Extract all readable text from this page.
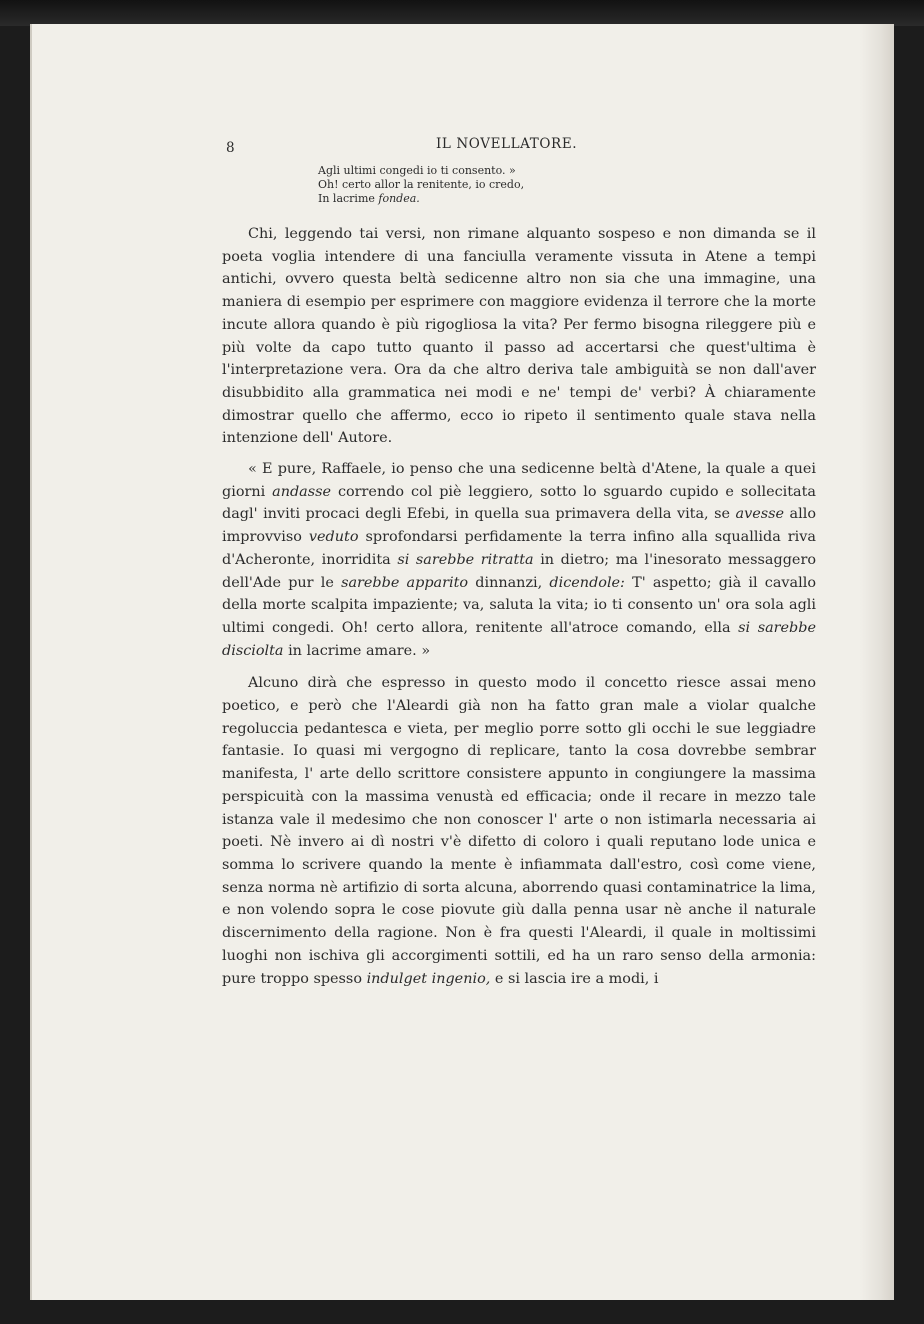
8	IL NOVELLATORE.
Agli ultimi congedi io ti consento. »
Oh! certo allor la renitente, io credo,
In lacrime fondea.

Chi, leggendo tai versi, non rimane alquanto sospeso e non dimanda se il poeta voglia intendere di una fanciulla veramente vissuta in Atene a tempi antichi, ovvero questa beltà sedicenne altro non sia che una immagine, una maniera di esempio per esprimere con maggiore evidenza il terrore che la morte incute allora quando è più rigogliosa la vita? Per fermo bisogna rileggere più e più volte da capo tutto quanto il passo ad accertarsi che quest'ultima è l'interpretazione vera. Ora da che altro deriva tale ambiguità se non dall'aver disubbidito alla grammatica nei modi e ne' tempi de' verbi? À chiaramente dimostrar quello che affermo, ecco io ripeto il sentimento quale stava nella intenzione dell' Autore.

« E pure, Raffaele, io penso che una sedicenne beltà d'Atene, la quale a quei giorni andasse correndo col piè leggiero, sotto lo sguardo cupido e sollecitata dagl' inviti procaci degli Efebi, in quella sua primavera della vita, se avesse allo improvviso veduto sprofondarsi perfidamente la terra infino alla squallida riva d'Acheronte, inorridita si sarebbe ritratta in dietro; ma l'inesorato messaggero dell'Ade pur le sarebbe apparito dinnanzi, dicendole: T' aspetto; già il cavallo della morte scalpita impaziente; va, saluta la vita; io ti consento un' ora sola agli ultimi congedi. Oh! certo allora, renitente all'atroce comando, ella si sarebbe disciolta in lacrime amare. »

Alcuno dirà che espresso in questo modo il concetto riesce assai meno poetico, e però che l'Aleardi già non ha fatto gran male a violar qualche regoluccia pedantesca e vieta, per meglio porre sotto gli occhi le sue leggiadre fantasie. Io quasi mi vergogno di replicare, tanto la cosa dovrebbe sembrar manifesta, l' arte dello scrittore consistere appunto in congiungere la massima perspicuità con la massima venustà ed efficacia; onde il recare in mezzo tale istanza vale il medesimo che non conoscer l' arte o non istimarla necessaria ai poeti. Nè invero ai dì nostri v'è difetto di coloro i quali reputano lode unica e somma lo scrivere quando la mente è infiammata dall'estro, così come viene, senza norma nè artifizio di sorta alcuna, aborrendo quasi contaminatrice la lima, e non volendo sopra le cose piovute giù dalla penna usar nè anche il naturale discernimento della ragione. Non è fra questi l'Aleardi, il quale in moltissimi luoghi non ischiva gli accorgimenti sottili, ed ha un raro senso della armonia: pure troppo spesso indulget ingenio, e si lascia ire a modi, i
